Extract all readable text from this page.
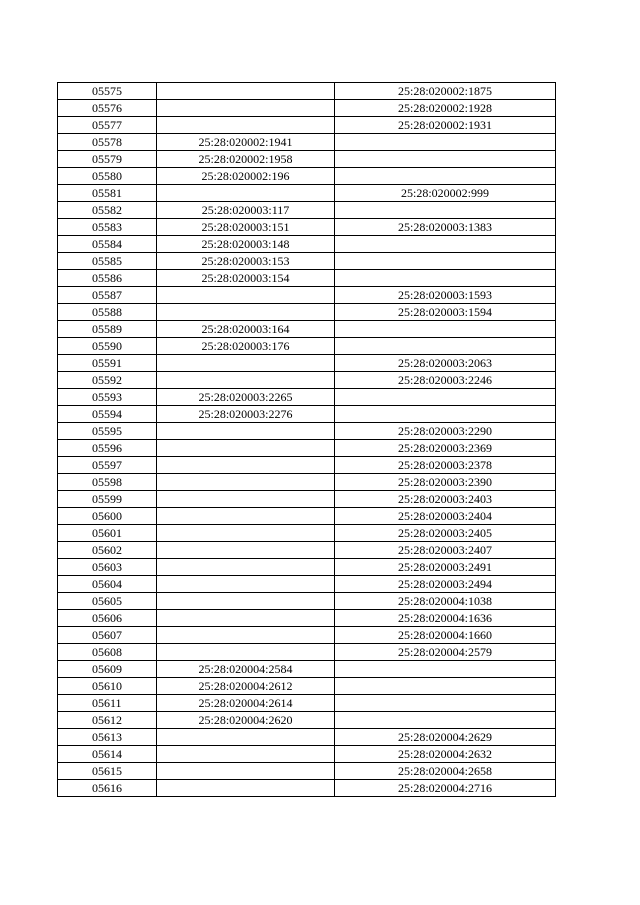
05575		25:28:020002:1875
05576		25:28:020002:1928
05577		25:28:020002:1931
05578	25:28:020002:1941	
05579	25:28:020002:1958	
05580	25:28:020002:196	
05581		25:28:020002:999
05582	25:28:020003:117	
05583	25:28:020003:151	25:28:020003:1383
05584	25:28:020003:148	
05585	25:28:020003:153	
05586	25:28:020003:154	
05587		25:28:020003:1593
05588		25:28:020003:1594
05589	25:28:020003:164	
05590	25:28:020003:176	
05591		25:28:020003:2063
05592		25:28:020003:2246
05593	25:28:020003:2265	
05594	25:28:020003:2276	
05595		25:28:020003:2290
05596		25:28:020003:2369
05597		25:28:020003:2378
05598		25:28:020003:2390
05599		25:28:020003:2403
05600		25:28:020003:2404
05601		25:28:020003:2405
05602		25:28:020003:2407
05603		25:28:020003:2491
05604		25:28:020003:2494
05605		25:28:020004:1038
05606		25:28:020004:1636
05607		25:28:020004:1660
05608		25:28:020004:2579
05609	25:28:020004:2584	
05610	25:28:020004:2612	
05611	25:28:020004:2614	
05612	25:28:020004:2620	
05613		25:28:020004:2629
05614		25:28:020004:2632
05615		25:28:020004:2658
05616		25:28:020004:2716
